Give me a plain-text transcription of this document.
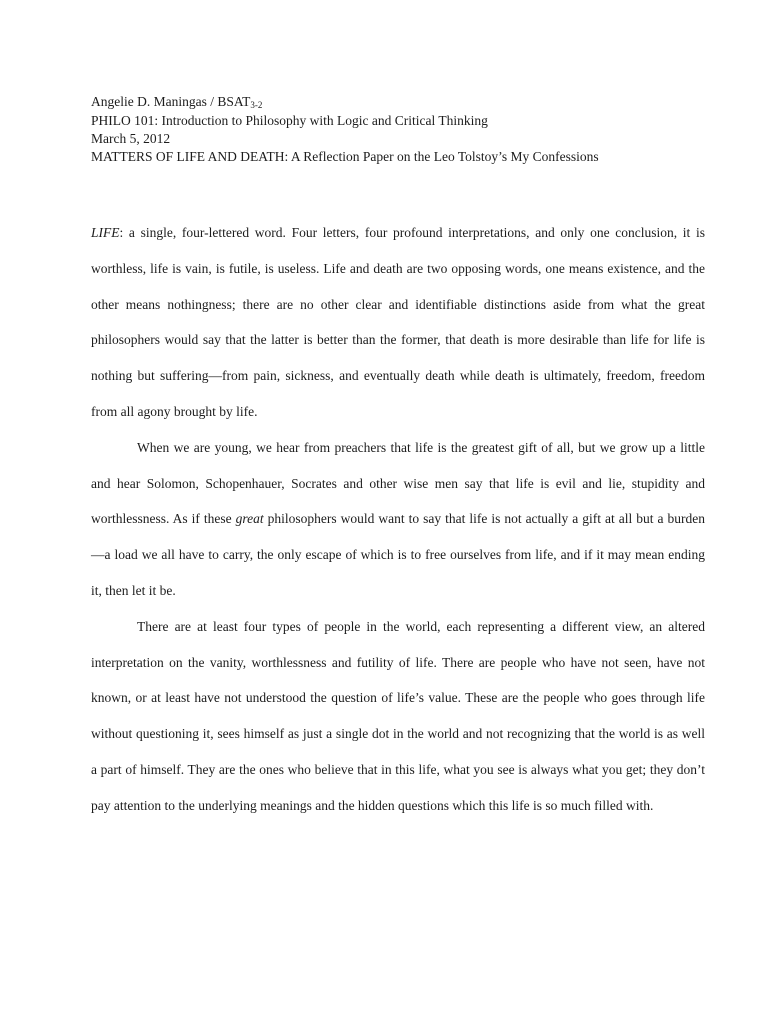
Angelie D. Maningas / BSAT3-2
PHILO 101: Introduction to Philosophy with Logic and Critical Thinking
March 5, 2012
MATTERS OF LIFE AND DEATH: A Reflection Paper on the Leo Tolstoy’s My Confessions

LIFE: a single, four-lettered word. Four letters, four profound interpretations, and only one conclusion, it is worthless, life is vain, is futile, is useless. Life and death are two opposing words, one means existence, and the other means nothingness; there are no other clear and identifiable distinctions aside from what the great philosophers would say that the latter is better than the former, that death is more desirable than life for life is nothing but suffering—from pain, sickness, and eventually death while death is ultimately, freedom, freedom from all agony brought by life.

When we are young, we hear from preachers that life is the greatest gift of all, but we grow up a little and hear Solomon, Schopenhauer, Socrates and other wise men say that life is evil and lie, stupidity and worthlessness. As if these great philosophers would want to say that life is not actually a gift at all but a burden—a load we all have to carry, the only escape of which is to free ourselves from life, and if it may mean ending it, then let it be.

There are at least four types of people in the world, each representing a different view, an altered interpretation on the vanity, worthlessness and futility of life. There are people who have not seen, have not known, or at least have not understood the question of life’s value. These are the people who goes through life without questioning it, sees himself as just a single dot in the world and not recognizing that the world is as well a part of himself. They are the ones who believe that in this life, what you see is always what you get; they don’t pay attention to the underlying meanings and the hidden questions which this life is so much filled with.
